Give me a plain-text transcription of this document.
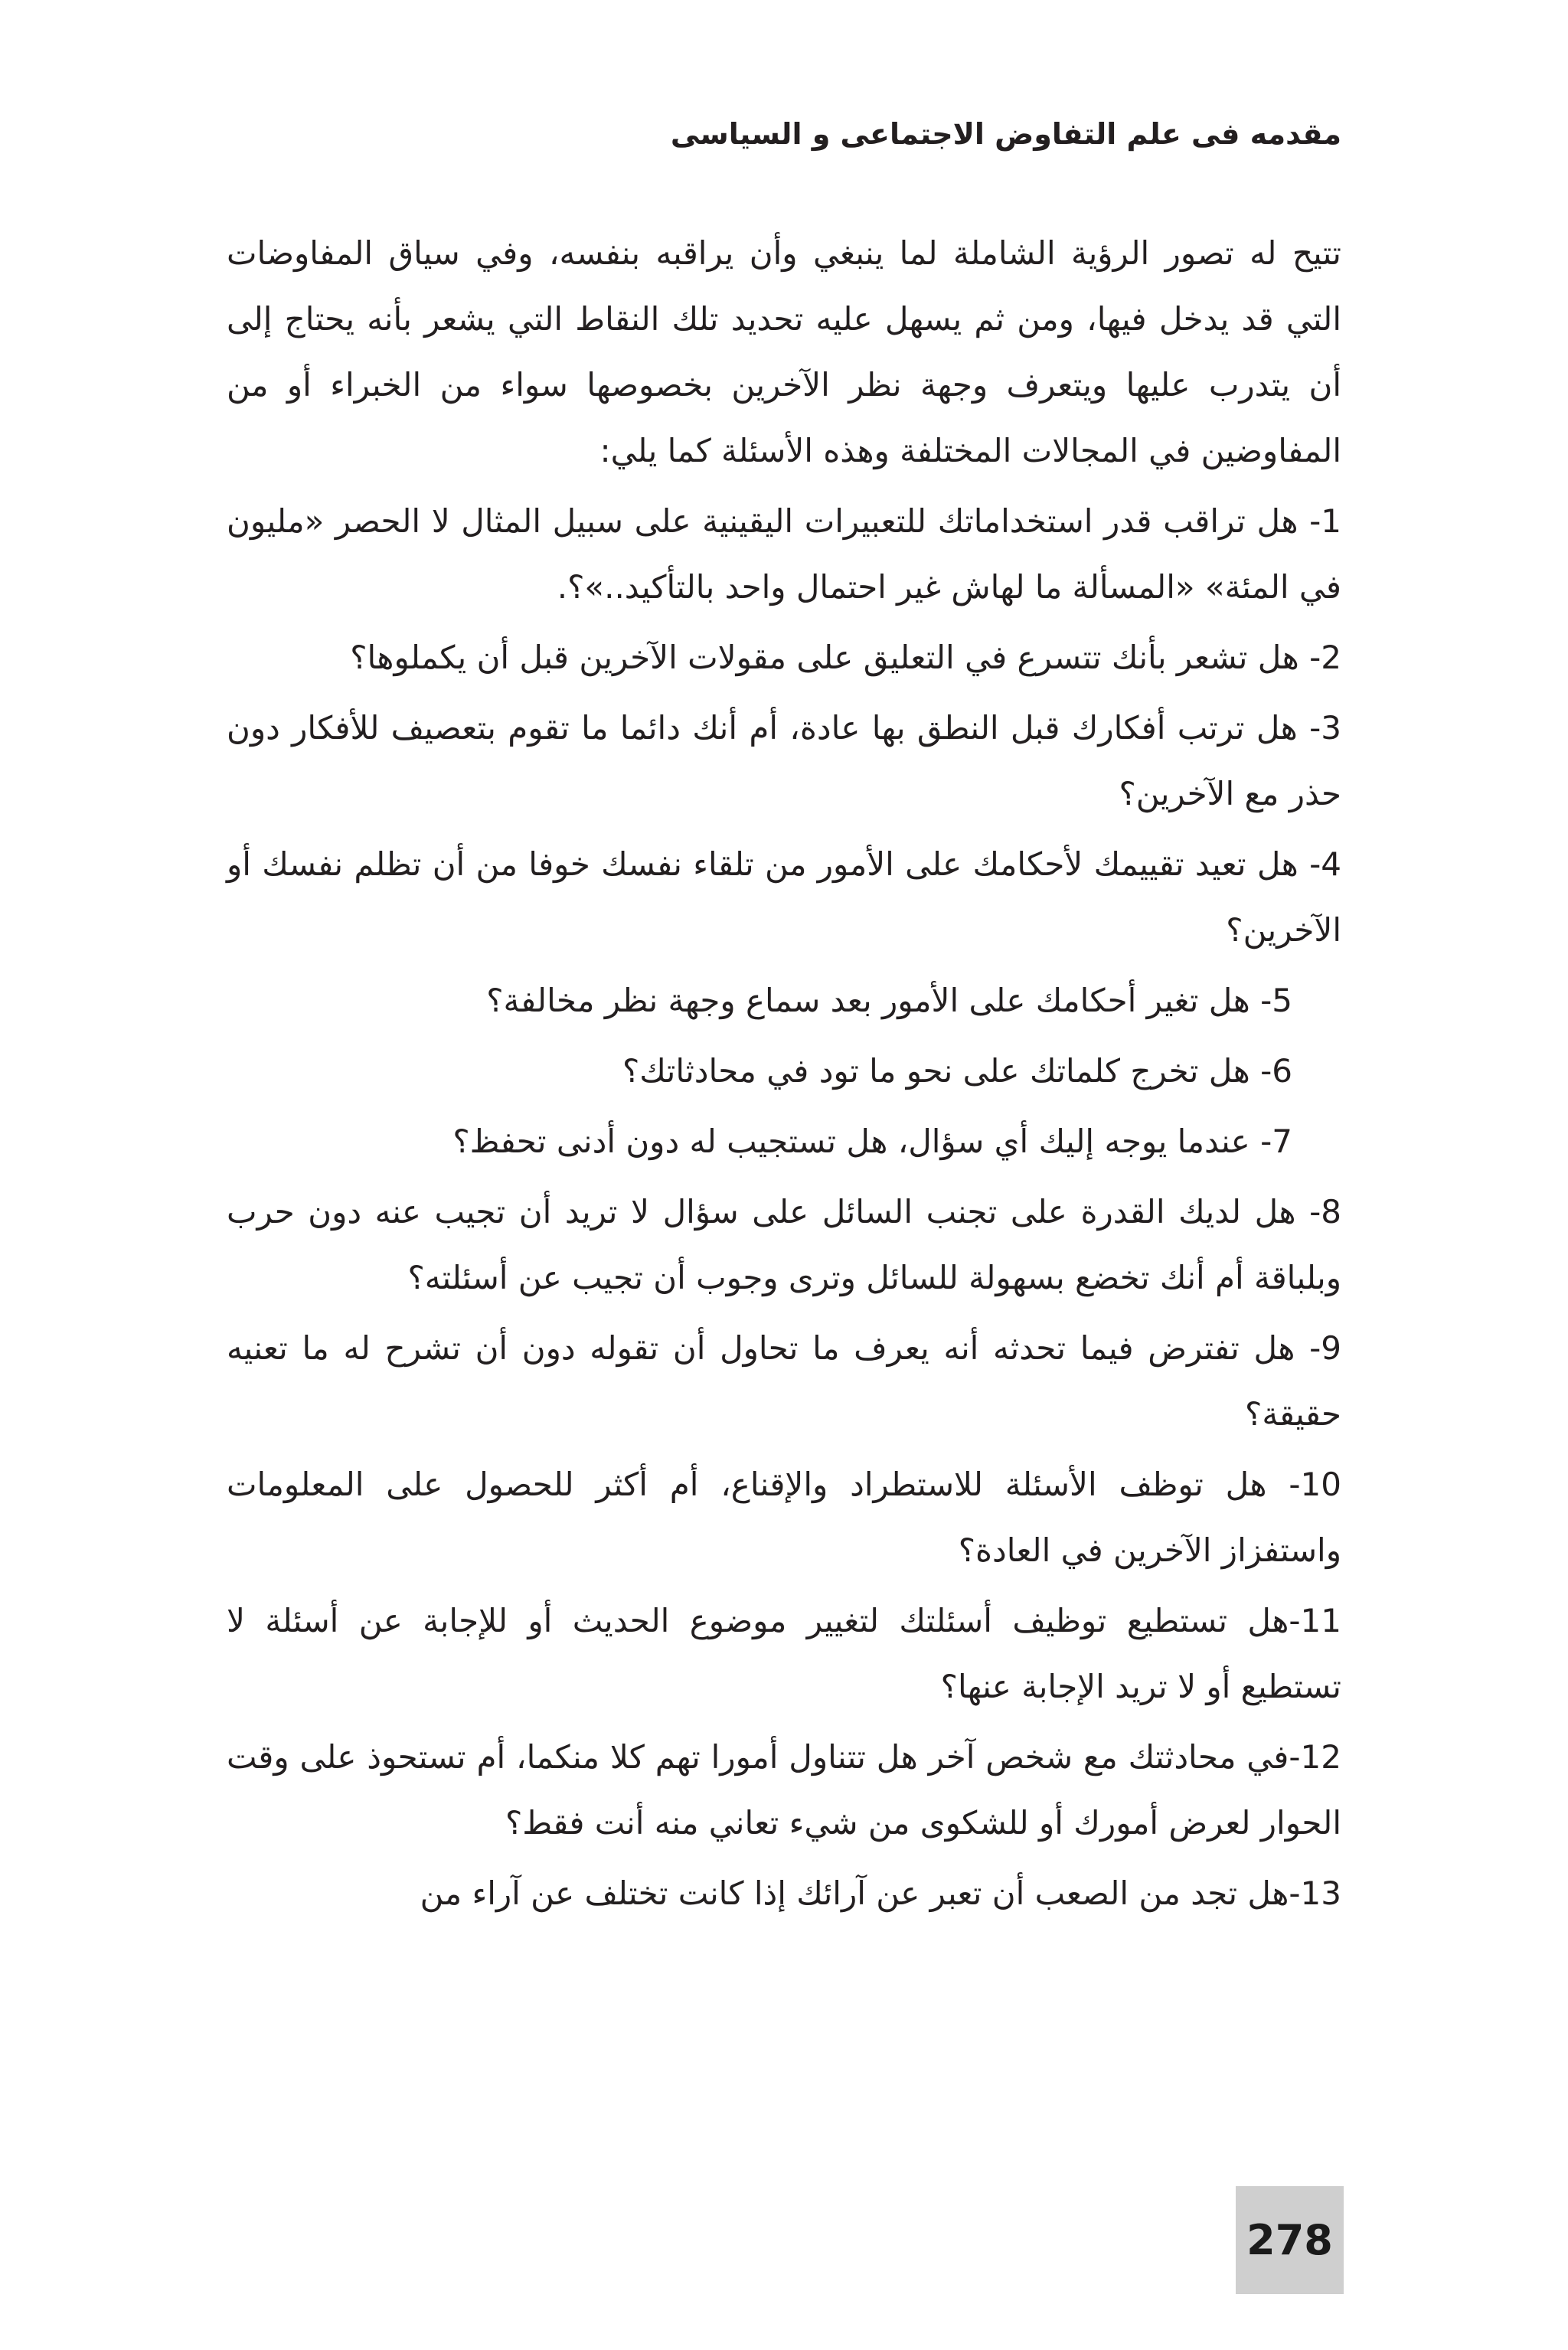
مقدمه فى علم التفاوض الاجتماعى و السياسى

تتيح له تصور الرؤية الشاملة لما ينبغي وأن يراقبه بنفسه، وفي سياق المفاوضات التي قد يدخل فيها، ومن ثم يسهل عليه تحديد تلك النقاط التي يشعر بأنه يحتاج إلى أن يتدرب عليها ويتعرف وجهة نظر الآخرين بخصوصها سواء من الخبراء أو من المفاوضين في المجالات المختلفة وهذه الأسئلة كما يلي:

1- هل تراقب قدر استخداماتك للتعبيرات اليقينية على سبيل المثال لا الحصر «مليون في المئة» «المسألة ما لهاش غير احتمال واحد بالتأكيد..»؟.

2- هل تشعر بأنك تتسرع في التعليق على مقولات الآخرين قبل أن يكملوها؟

3- هل ترتب أفكارك قبل النطق بها عادة، أم أنك دائما ما تقوم بتعصيف للأفكار دون حذر مع الآخرين؟

4- هل تعيد تقييمك لأحكامك على الأمور من تلقاء نفسك خوفا من أن تظلم نفسك أو الآخرين؟

5- هل تغير أحكامك على الأمور بعد سماع وجهة نظر مخالفة؟

6- هل تخرج كلماتك على نحو ما تود في محادثاتك؟

7- عندما يوجه إليك أي سؤال، هل تستجيب له دون أدنى تحفظ؟

8- هل لديك القدرة على تجنب السائل على سؤال لا تريد أن تجيب عنه دون حرب وبلباقة أم أنك تخضع بسهولة للسائل وترى وجوب أن تجيب عن أسئلته؟

9- هل تفترض فيما تحدثه أنه يعرف ما تحاول أن تقوله دون أن تشرح له ما تعنيه حقيقة؟

10- هل توظف الأسئلة للاستطراد والإقناع، أم أكثر للحصول على المعلومات واستفزاز الآخرين في العادة؟

11-هل تستطيع توظيف أسئلتك لتغيير موضوع الحديث أو للإجابة عن أسئلة لا تستطيع أو لا تريد الإجابة عنها؟

12-في محادثتك مع شخص آخر هل تتناول أمورا تهم كلا منكما، أم تستحوذ على وقت الحوار لعرض أمورك أو للشكوى من شيء تعاني منه أنت فقط؟

13-هل تجد من الصعب أن تعبر عن آرائك إذا كانت تختلف عن آراء من

278
